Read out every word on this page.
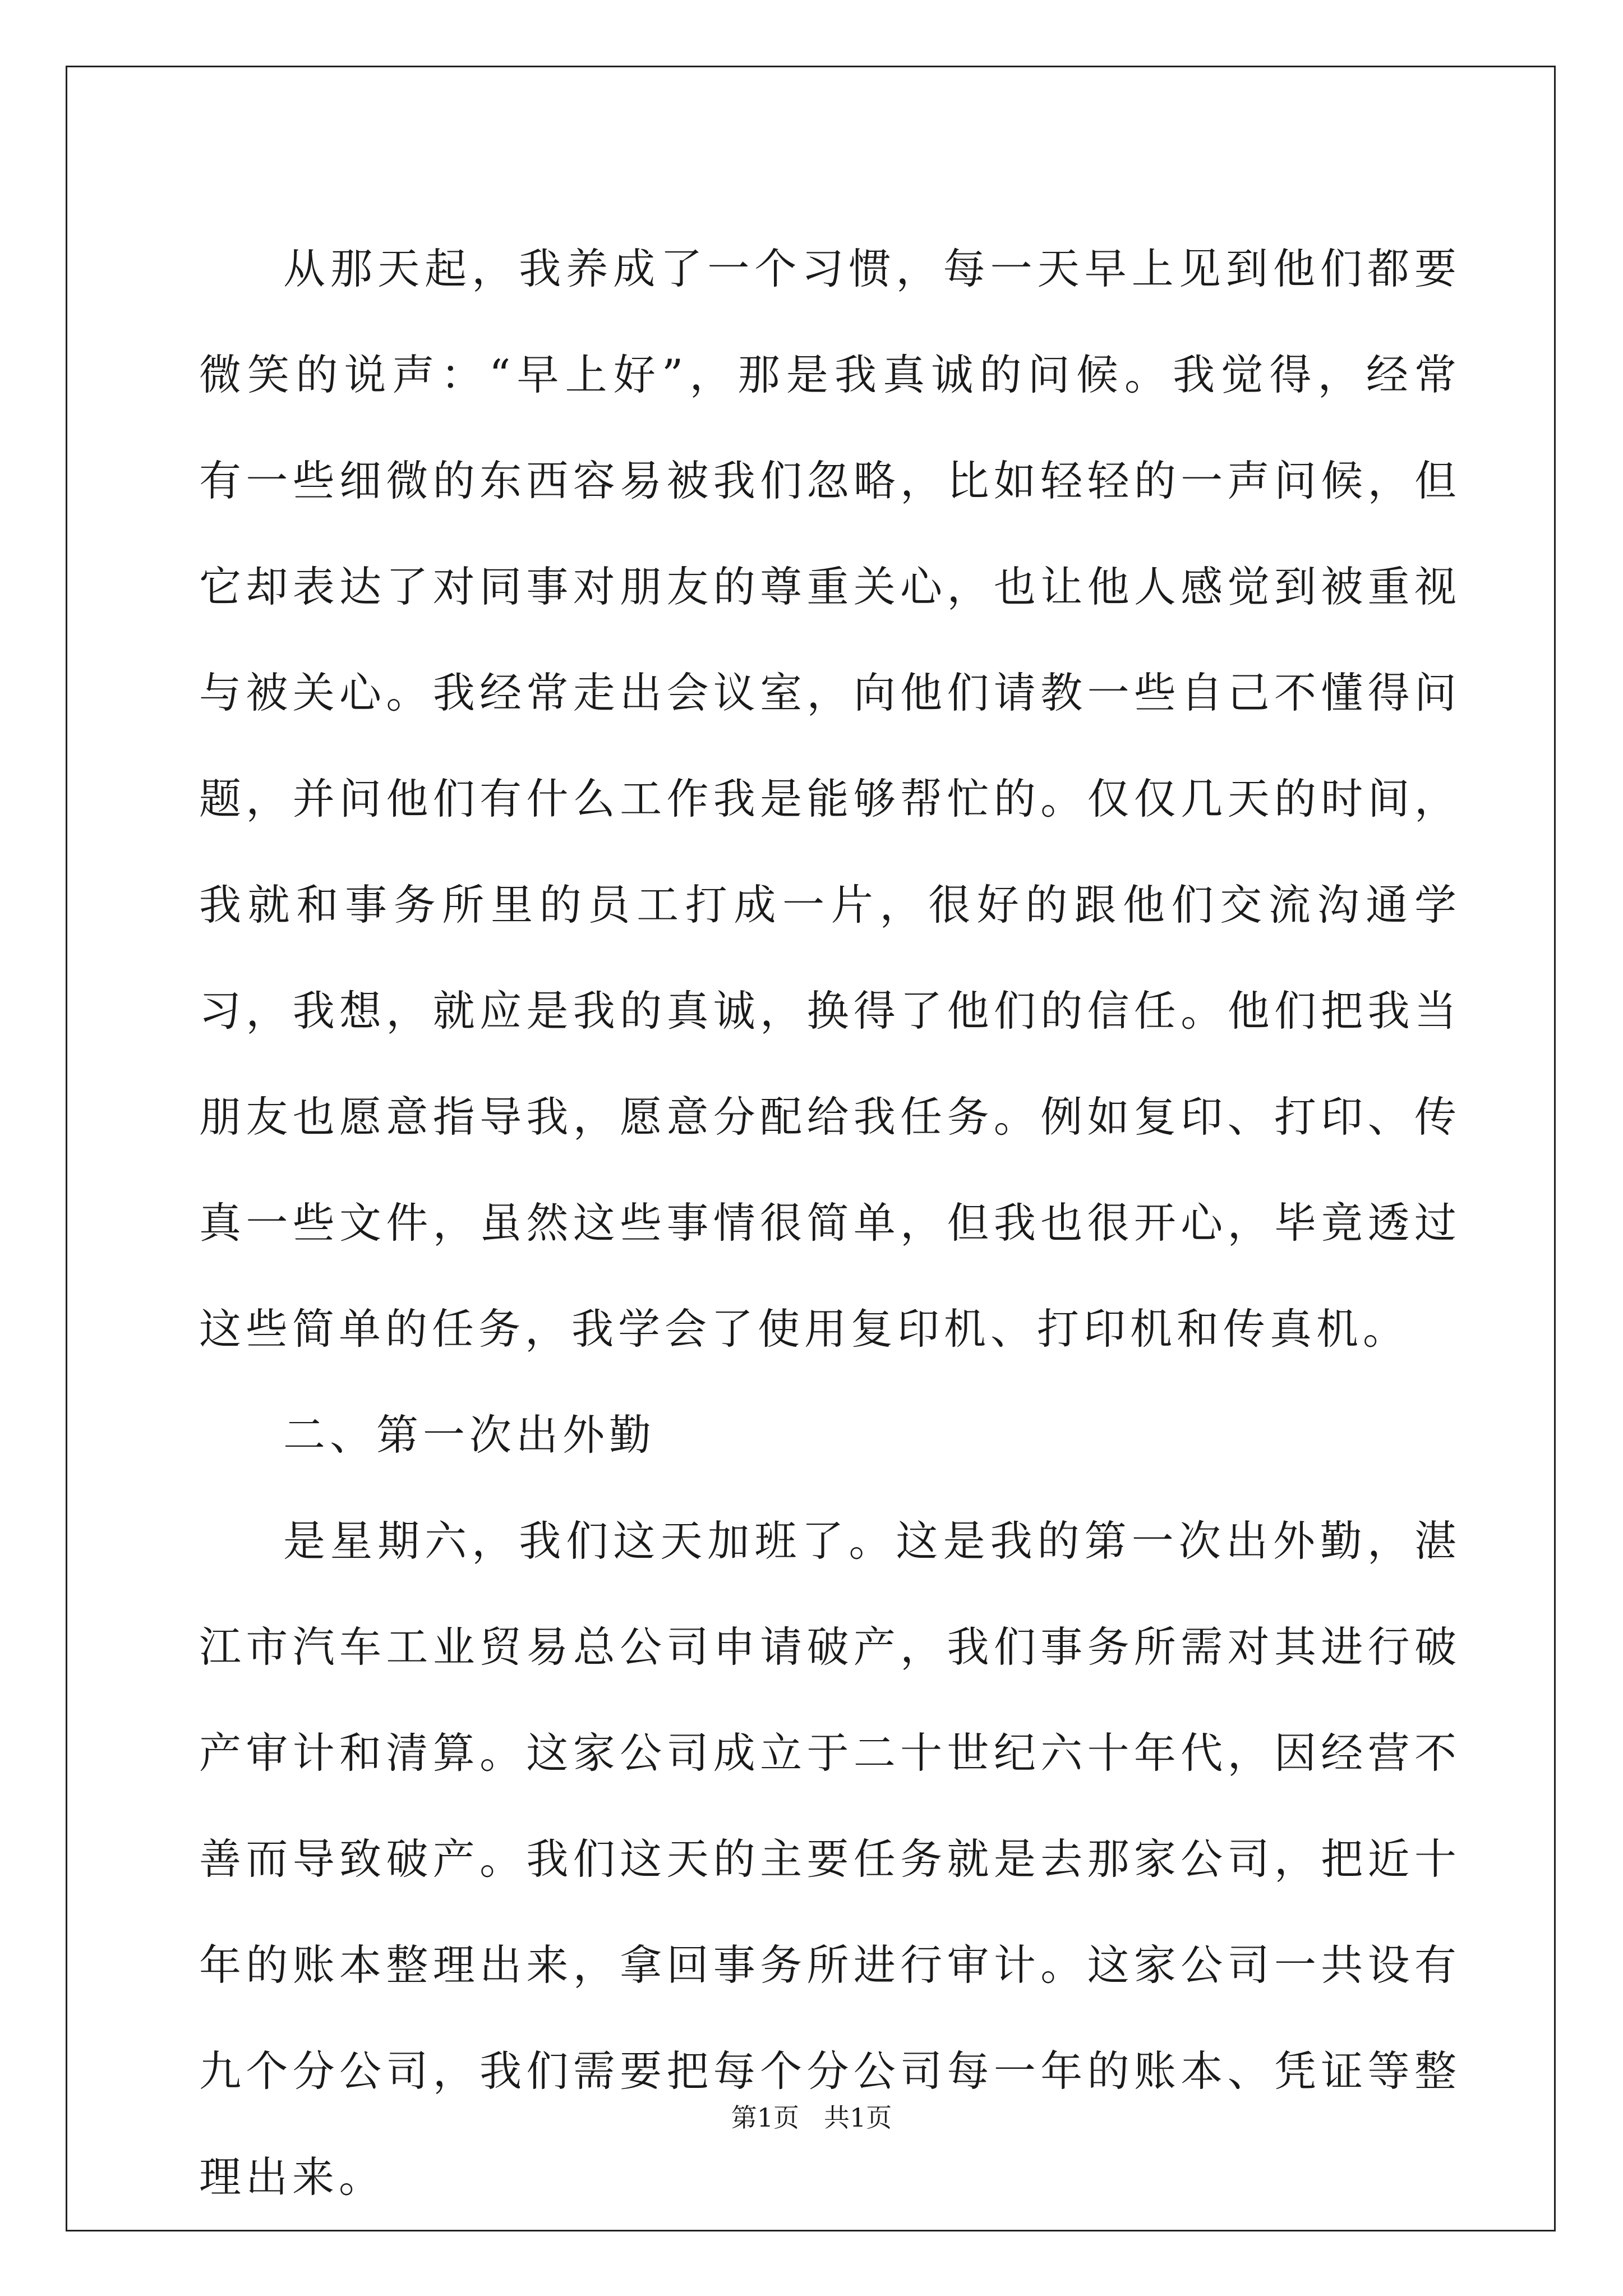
从那天起，我养成了一个习惯，每一天早上见到他们都要微笑的说声：“早上好”，那是我真诚的问候。我觉得，经常有一些细微的东西容易被我们忽略，比如轻轻的一声问候，但它却表达了对同事对朋友的尊重关心，也让他人感觉到被重视与被关心。我经常走出会议室，向他们请教一些自己不懂得问题，并问他们有什么工作我是能够帮忙的。仅仅几天的时间，我就和事务所里的员工打成一片，很好的跟他们交流沟通学习，我想，就应是我的真诚，换得了他们的信任。他们把我当朋友也愿意指导我，愿意分配给我任务。例如复印、打印、传真一些文件，虽然这些事情很简单，但我也很开心，毕竟透过这些简单的任务，我学会了使用复印机、打印机和传真机。

二、第一次出外勤

是星期六，我们这天加班了。这是我的第一次出外勤，湛江市汽车工业贸易总公司申请破产，我们事务所需对其进行破产审计和清算。这家公司成立于二十世纪六十年代，因经营不善而导致破产。我们这天的主要任务就是去那家公司，把近十年的账本整理出来，拿回事务所进行审计。这家公司一共设有九个分公司，我们需要把每个分公司每一年的账本、凭证等整理出来。

第1页 共1页
